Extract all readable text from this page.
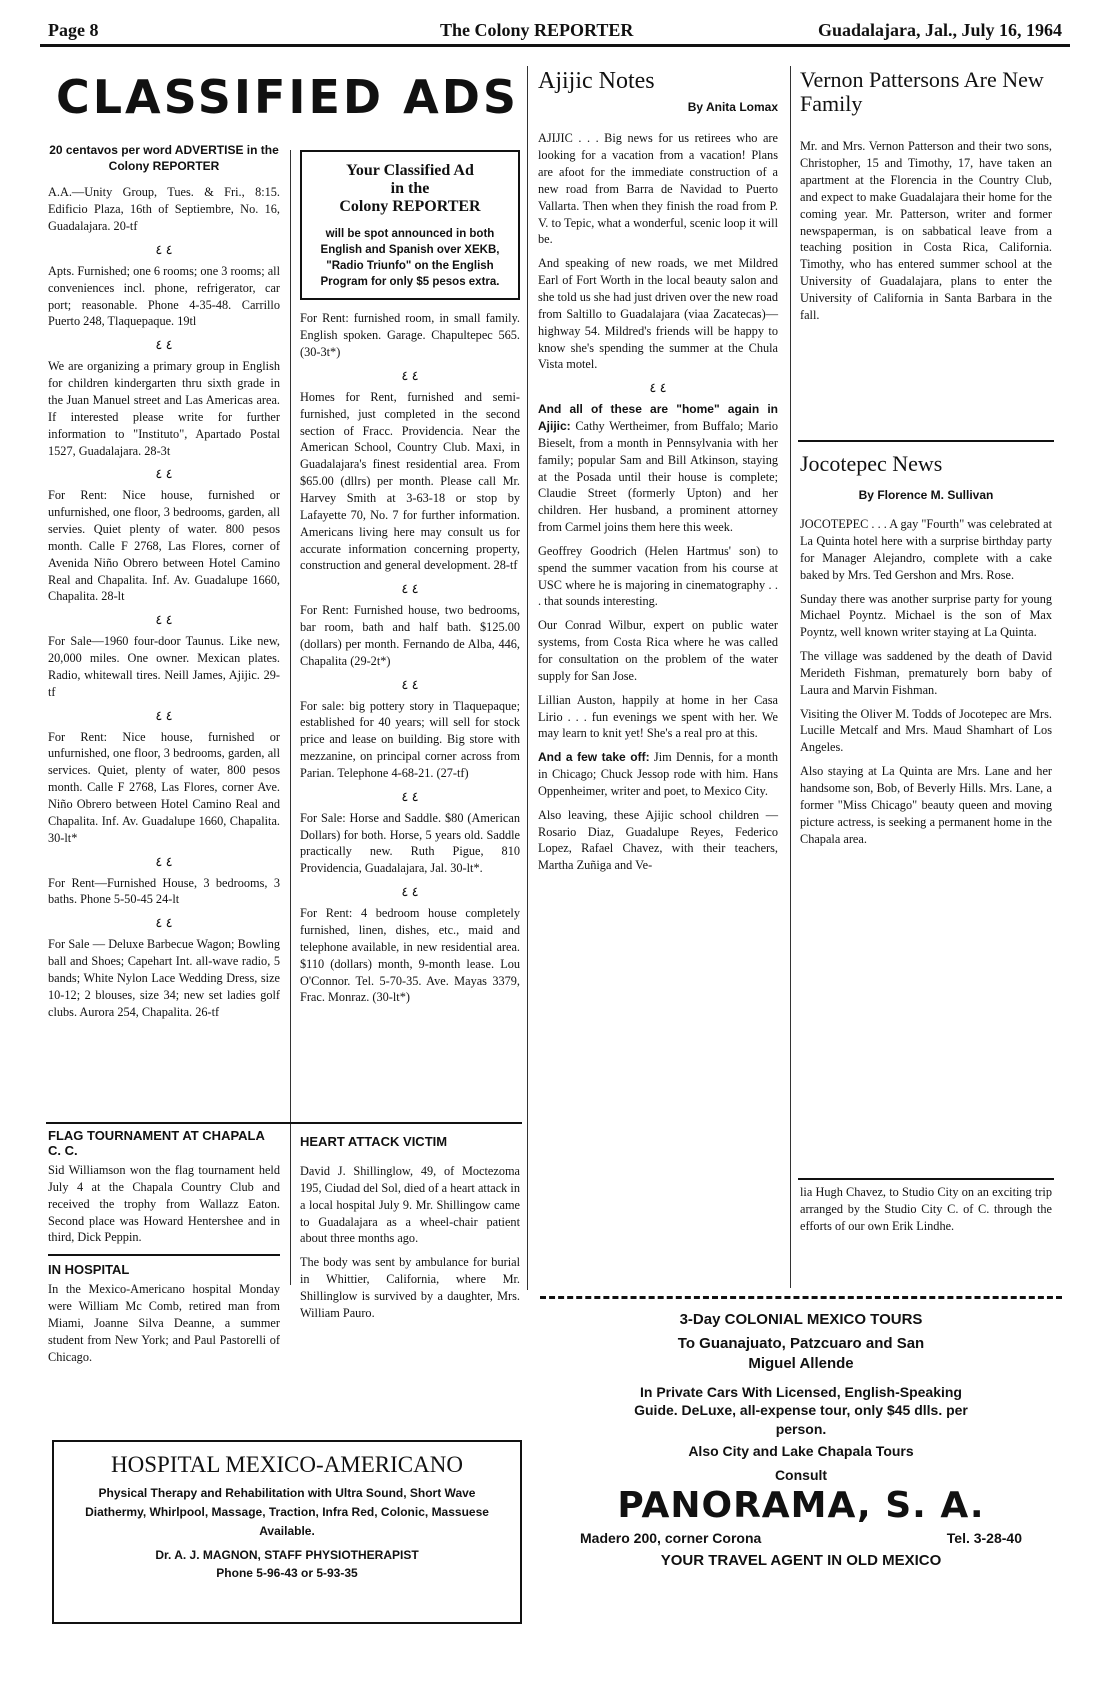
Page 8	The Colony REPORTER	Guadalajara, Jal., July 16, 1964
CLASSIFIED ADS

20 centavos per word ADVERTISE in the Colony REPORTER

A.A.—Unity Group, Tues. & Fri., 8:15. Edificio Plaza, 16th of Septiembre, No. 16, Guadalajara. 20-tf

٤ ٤

Apts. Furnished; one 6 rooms; one 3 rooms; all conveniences incl. phone, refrigerator, car port; reasonable. Phone 4-35-48. Carrillo Puerto 248, Tlaquepaque. 19tl

٤ ٤

We are organizing a primary group in English for children kindergarten thru sixth grade in the Juan Manuel street and Las Americas area. If interested please write for further information to "Instituto", Apartado Postal 1527, Guadalajara. 28-3t

٤ ٤

For Rent: Nice house, furnished or unfurnished, one floor, 3 bedrooms, garden, all servies. Quiet plenty of water. 800 pesos month. Calle F 2768, Las Flores, corner of Avenida Niño Obrero between Hotel Camino Real and Chapalita. Inf. Av. Guadalupe 1660, Chapalita. 28-lt

٤ ٤

For Sale—1960 four-door Taunus. Like new, 20,000 miles. One owner. Mexican plates. Radio, whitewall tires. Neill James, Ajijic. 29-tf

٤ ٤

For Rent: Nice house, furnished or unfurnished, one floor, 3 bedrooms, garden, all services. Quiet, plenty of water, 800 pesos month. Calle F 2768, Las Flores, corner Ave. Niño Obrero between Hotel Camino Real and Chapalita. Inf. Av. Guadalupe 1660, Chapalita. 30-lt*

٤ ٤

For Rent—Furnished House, 3 bedrooms, 3 baths. Phone 5-50-45 24-lt

٤ ٤

For Sale — Deluxe Barbecue Wagon; Bowling ball and Shoes; Capehart Int. all-wave radio, 5 bands; White Nylon Lace Wedding Dress, size 10-12; 2 blouses, size 34; new set ladies golf clubs. Aurora 254, Chapalita. 26-tf

Your Classified Ad
in the
Colony REPORTER
will be spot announced in both English and Spanish over XEKB, "Radio Triunfo" on the English Program for only $5 pesos extra.

For Rent: furnished room, in small family. English spoken. Garage. Chapultepec 565. (30-3t*)

٤ ٤

Homes for Rent, furnished and semi-furnished, just completed in the second section of Fracc. Providencia. Near the American School, Country Club. Maxi, in Guadalajara's finest residential area. From $65.00 (dllrs) per month. Please call Mr. Harvey Smith at 3-63-18 or stop by Lafayette 70, No. 7 for further information. Americans living here may consult us for accurate information concerning property, construction and general development. 28-tf

٤ ٤

For Rent: Furnished house, two bedrooms, bar room, bath and half bath. $125.00 (dollars) per month. Fernando de Alba, 446, Chapalita (29-2t*)

٤ ٤

For sale: big pottery story in Tlaquepaque; established for 40 years; will sell for stock price and lease on building. Big store with mezzanine, on principal corner across from Parian. Telephone 4-68-21. (27-tf)

٤ ٤

For Sale: Horse and Saddle. $80 (American Dollars) for both. Horse, 5 years old. Saddle practically new. Ruth Pigue, 810 Providencia, Guadalajara, Jal. 30-lt*.

٤ ٤

For Rent: 4 bedroom house completely furnished, linen, dishes, etc., maid and telephone available, in new residential area. $110 (dollars) month, 9-month lease. Lou O'Connor. Tel. 5-70-35. Ave. Mayas 3379, Frac. Monraz. (30-lt*)

FLAG TOURNAMENT AT CHAPALA C. C.

Sid Williamson won the flag tournament held July 4 at the Chapala Country Club and received the trophy from Wallazz Eaton. Second place was Howard Hentershee and in third, Dick Peppin.

IN HOSPITAL

In the Mexico-Americano hospital Monday were William Mc Comb, retired man from Miami, Joanne Silva Deanne, a summer student from New York; and Paul Pastorelli of Chicago.

HEART ATTACK VICTIM

David J. Shillinglow, 49, of Moctezoma 195, Ciudad del Sol, died of a heart attack in a local hospital July 9. Mr. Shillingow came to Guadalajara as a wheel-chair patient about three months ago.

The body was sent by ambulance for burial in Whittier, California, where Mr. Shillinglow is survived by a daughter, Mrs. William Pauro.

HOSPITAL MEXICO-AMERICANO
Physical Therapy and Rehabilitation with Ultra Sound, Short Wave Diathermy, Whirlpool, Massage, Traction, Infra Red, Colonic, Massuese Available.
Dr. A. J. MAGNON, STAFF PHYSIOTHERAPIST
Phone 5-96-43 or 5-93-35
Ajijic Notes

By Anita Lomax

AJIJIC . . . Big news for us retirees who are looking for a vacation from a vacation! Plans are afoot for the immediate construction of a new road from Barra de Navidad to Puerto Vallarta. Then when they finish the road from P. V. to Tepic, what a wonderful, scenic loop it will be.

And speaking of new roads, we met Mildred Earl of Fort Worth in the local beauty salon and she told us she had just driven over the new road from Saltillo to Guadalajara (viaa Zacatecas)—highway 54. Mildred's friends will be happy to know she's spending the summer at the Chula Vista motel.

٤ ٤

And all of these are "home" again in Ajijic: Cathy Wertheimer, from Buffalo; Mario Bieselt, from a month in Pennsylvania with her family; popular Sam and Bill Atkinson, staying at the Posada until their house is complete; Claudie Street (formerly Upton) and her children. Her husband, a prominent attorney from Carmel joins them here this week.

Geoffrey Goodrich (Helen Hartmus' son) to spend the summer vacation from his course at USC where he is majoring in cinematography . . . that sounds interesting.

Our Conrad Wilbur, expert on public water systems, from Costa Rica where he was called for consultation on the problem of the water supply for San Jose.

Lillian Auston, happily at home in her Casa Lirio . . . fun evenings we spent with her. We may learn to knit yet! She's a real pro at this.

And a few take off: Jim Dennis, for a month in Chicago; Chuck Jessop rode with him. Hans Oppenheimer, writer and poet, to Mexico City.

Also leaving, these Ajijic school children — Rosario Diaz, Guadalupe Reyes, Federico Lopez, Rafael Chavez, with their teachers, Martha Zuñiga and Ve-

Vernon Pattersons Are New Family

Mr. and Mrs. Vernon Patterson and their two sons, Christopher, 15 and Timothy, 17, have taken an apartment at the Florencia in the Country Club, and expect to make Guadalajara their home for the coming year. Mr. Patterson, writer and former newspaperman, is on sabbatical leave from a teaching position in Costa Rica, California. Timothy, who has entered summer school at the University of Guadalajara, plans to enter the University of California in Santa Barbara in the fall.

Jocotepec News

By Florence M. Sullivan

JOCOTEPEC . . . A gay "Fourth" was celebrated at La Quinta hotel here with a surprise birthday party for Manager Alejandro, complete with a cake baked by Mrs. Ted Gershon and Mrs. Rose.

Sunday there was another surprise party for young Michael Poyntz. Michael is the son of Max Poyntz, well known writer staying at La Quinta.

The village was saddened by the death of David Merideth Fishman, prematurely born baby of Laura and Marvin Fishman.

Visiting the Oliver M. Todds of Jocotepec are Mrs. Lucille Metcalf and Mrs. Maud Shamhart of Los Angeles.

Also staying at La Quinta are Mrs. Lane and her handsome son, Bob, of Beverly Hills. Mrs. Lane, a former "Miss Chicago" beauty queen and moving picture actress, is seeking a permanent home in the Chapala area.

lia Hugh Chavez, to Studio City on an exciting trip arranged by the Studio City C. of C. through the efforts of our own Erik Lindhe.

3-Day COLONIAL MEXICO TOURS
To Guanajuato, Patzcuaro and San Miguel Allende
In Private Cars With Licensed, English-Speaking Guide. DeLuxe, all-expense tour, only $45 dlls. per person.
Also City and Lake Chapala Tours
Consult
PANORAMA, S. A.
Madero 200, corner Corona	Tel. 3-28-40
YOUR TRAVEL AGENT IN OLD MEXICO
